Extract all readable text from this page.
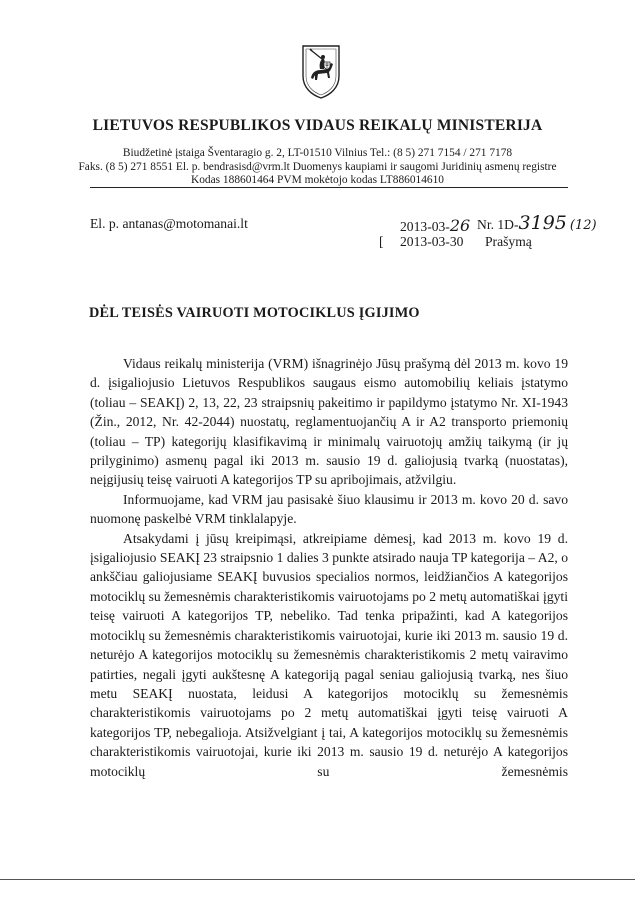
LIETUVOS RESPUBLIKOS VIDAUS REIKALŲ MINISTERIJA
Biudžetinė įstaiga Šventaragio g. 2, LT-01510 Vilnius Tel.: (8 5) 271 7154 / 271 7178
Faks. (8 5) 271 8551 El. p. bendrasisd@vrm.lt Duomenys kaupiami ir saugomi Juridinių asmenų registre
Kodas 188601464 PVM mokėtojo kodas LT886014610
El. p. antanas@motomanai.lt	2013-03-26 Nr. 1D-3195 (12)
[ 2013-03-30 Prašymą
DĖL TEISĖS VAIRUOTI MOTOCIKLUS ĮGIJIMO

Vidaus reikalų ministerija (VRM) išnagrinėjo Jūsų prašymą dėl 2013 m. kovo 19 d. įsigaliojusio Lietuvos Respublikos saugaus eismo automobilių keliais įstatymo (toliau – SEAKĮ) 2, 13, 22, 23 straipsnių pakeitimo ir papildymo įstatymo Nr. XI-1943 (Žin., 2012, Nr. 42-2044) nuostatų, reglamentuojančių A ir A2 transporto priemonių (toliau – TP) kategorijų klasifikavimą ir minimalų vairuotojų amžių taikymą (ir jų prilyginimo) asmenų pagal iki 2013 m. sausio 19 d. galiojusią tvarką (nuostatas), neįgijusių teisę vairuoti A kategorijos TP su apribojimais, atžvilgiu.

Informuojame, kad VRM jau pasisakė šiuo klausimu ir 2013 m. kovo 20 d. savo nuomonę paskelbė VRM tinklalapyje.

Atsakydami į jūsų kreipimąsi, atkreipiame dėmesį, kad 2013 m. kovo 19 d. įsigaliojusio SEAKĮ 23 straipsnio 1 dalies 3 punkte atsirado nauja TP kategorija – A2, o ankščiau galiojusiame SEAKĮ buvusios specialios normos, leidžiančios A kategorijos motociklų su žemesnėmis charakteristikomis vairuotojams po 2 metų automatiškai įgyti teisę vairuoti A kategorijos TP, nebeliko. Tad tenka pripažinti, kad A kategorijos motociklų su žemesnėmis charakteristikomis vairuotojai, kurie iki 2013 m. sausio 19 d. neturėjo A kategorijos motociklų su žemesnėmis charakteristikomis 2 metų vairavimo patirties, negali įgyti aukštesnę A kategoriją pagal seniau galiojusią tvarką, nes šiuo metu SEAKĮ nuostata, leidusi A kategorijos motociklų su žemesnėmis charakteristikomis vairuotojams po 2 metų automatiškai įgyti teisę vairuoti A kategorijos TP, nebegalioja. Atsižvelgiant į tai, A kategorijos motociklų su žemesnėmis charakteristikomis vairuotojai, kurie iki 2013 m. sausio 19 d. neturėjo A kategorijos motociklų su žemesnėmis
